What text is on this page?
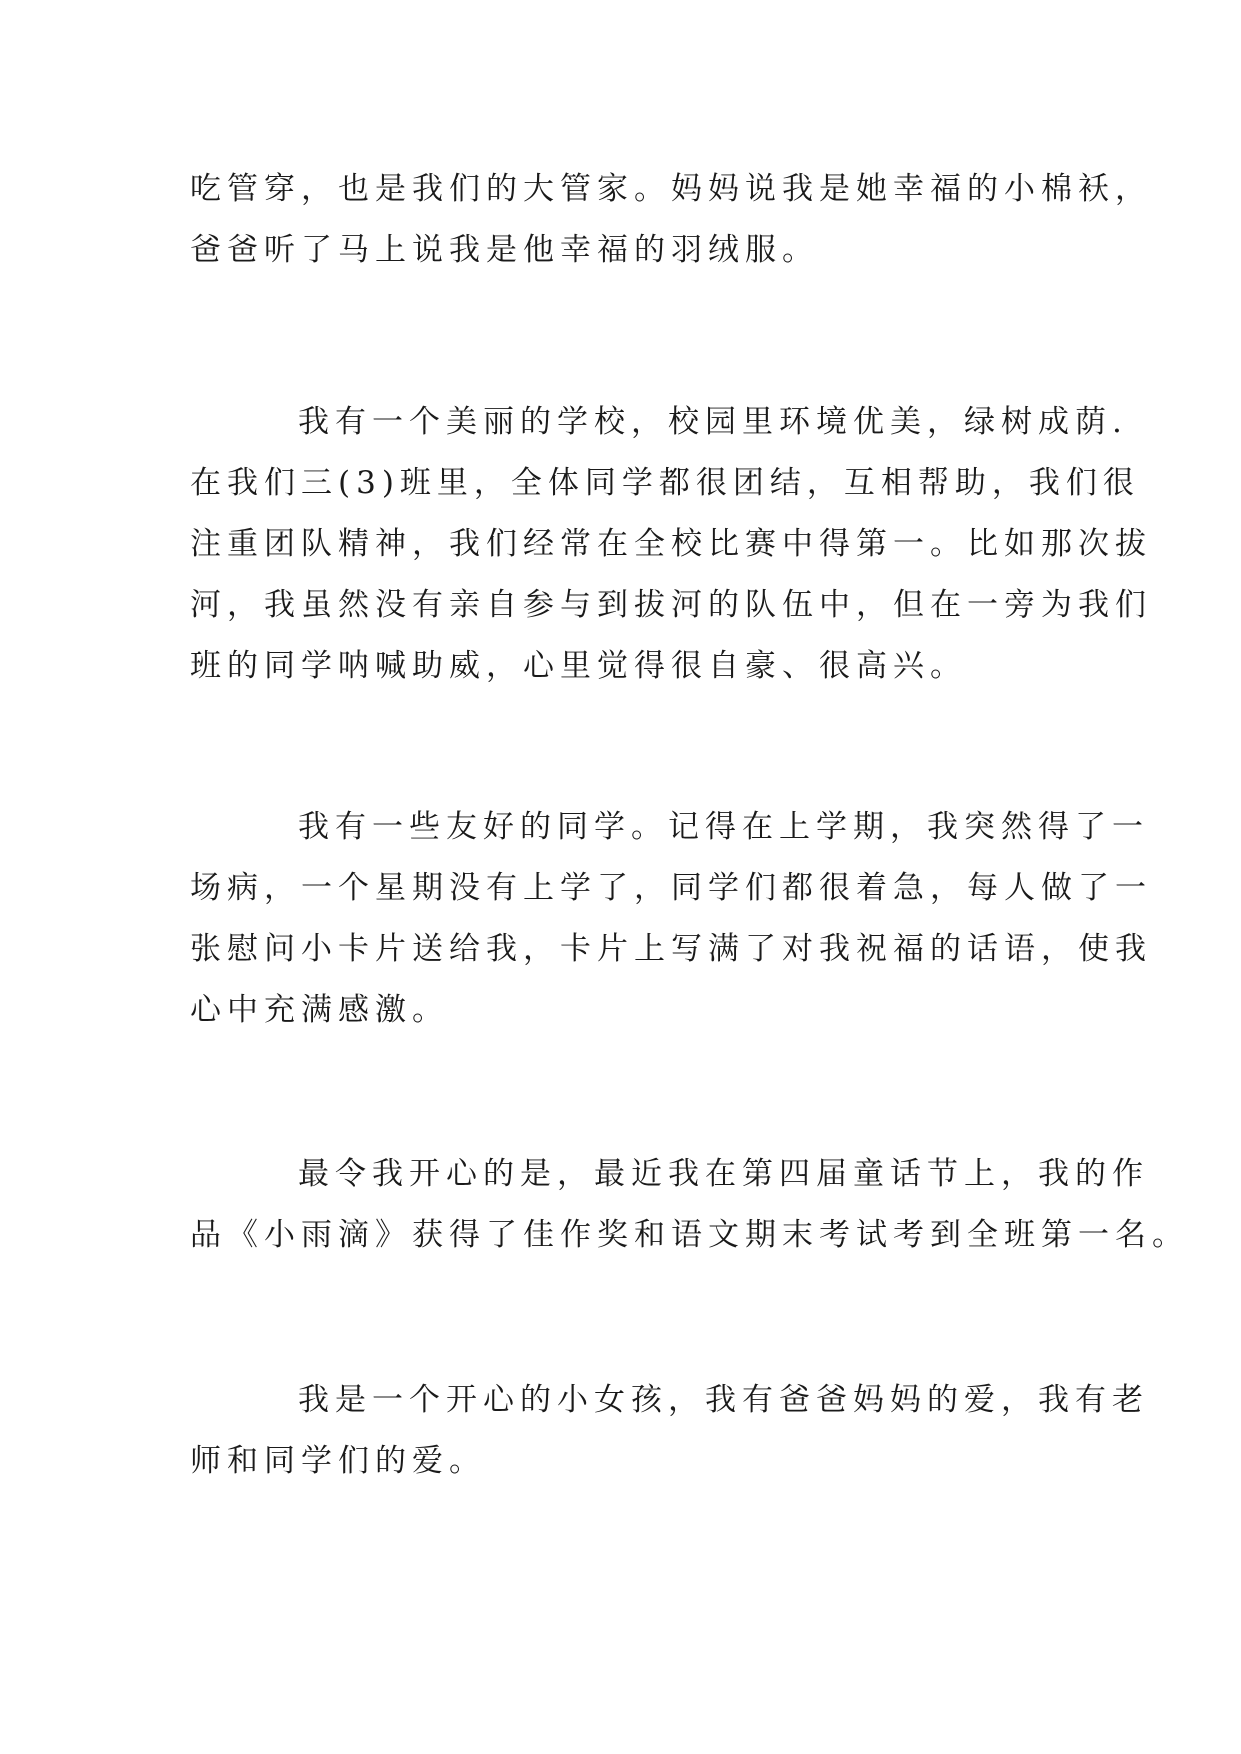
吃管穿，也是我们的大管家。妈妈说我是她幸福的小棉袄，
爸爸听了马上说我是他幸福的羽绒服。

我有一个美丽的学校，校园里环境优美，绿树成荫.
在我们三(3)班里，全体同学都很团结，互相帮助，我们很
注重团队精神，我们经常在全校比赛中得第一。比如那次拔
河，我虽然没有亲自参与到拔河的队伍中，但在一旁为我们
班的同学呐喊助威，心里觉得很自豪、很高兴。

我有一些友好的同学。记得在上学期，我突然得了一
场病，一个星期没有上学了，同学们都很着急，每人做了一
张慰问小卡片送给我，卡片上写满了对我祝福的话语，使我
心中充满感激。

最令我开心的是，最近我在第四届童话节上，我的作
品《小雨滴》获得了佳作奖和语文期末考试考到全班第一名。

我是一个开心的小女孩，我有爸爸妈妈的爱，我有老
师和同学们的爱。
